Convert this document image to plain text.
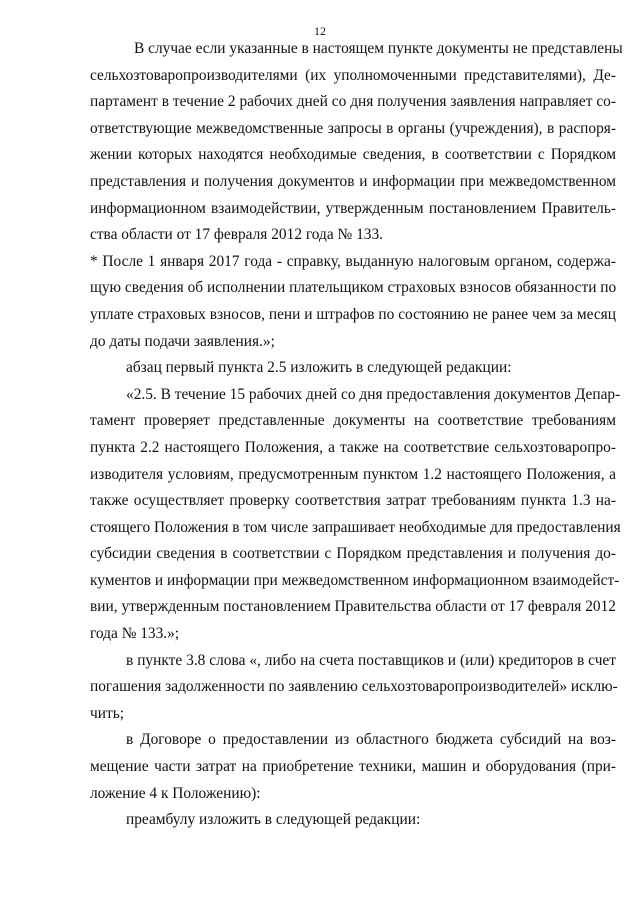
12
В случае если указанные в настоящем пункте документы не представлены
сельхозтоваропроизводителями (их уполномоченными представителями), Де-
партамент в течение 2 рабочих дней со дня получения заявления направляет со-
ответствующие межведомственные запросы в органы (учреждения), в распоря-
жении которых находятся необходимые сведения, в соответствии с Порядком
представления и получения документов и информации при межведомственном
информационном взаимодействии, утвержденным постановлением Правитель-
ства области от 17 февраля 2012 года № 133.
* После 1 января 2017 года - справку, выданную налоговым органом, содержа-
щую сведения об исполнении плательщиком страховых взносов обязанности по
уплате страховых взносов, пени и штрафов по состоянию не ранее чем за месяц
до даты подачи заявления.»;
абзац первый пункта 2.5 изложить в следующей редакции:
«2.5. В течение 15 рабочих дней со дня предоставления документов Депар-
тамент проверяет представленные документы на соответствие требованиям
пункта 2.2 настоящего Положения, а также на соответствие сельхозтоваропро-
изводителя условиям, предусмотренным пунктом 1.2 настоящего Положения, а
также осуществляет проверку соответствия затрат требованиям пункта 1.3 на-
стоящего Положения в том числе запрашивает необходимые для предоставления
субсидии сведения в соответствии с Порядком представления и получения до-
кументов и информации при межведомственном информационном взаимодейст-
вии, утвержденным постановлением Правительства области от 17 февраля 2012
года № 133.»;
в пункте 3.8 слова «, либо на счета поставщиков и (или) кредиторов в счет
погашения задолженности по заявлению сельхозтоваропроизводителей» исклю-
чить;
в Договоре о предоставлении из областного бюджета субсидий на воз-
мещение части затрат на приобретение техники, машин и оборудования (при-
ложение 4 к Положению):
преамбулу изложить в следующей редакции:
